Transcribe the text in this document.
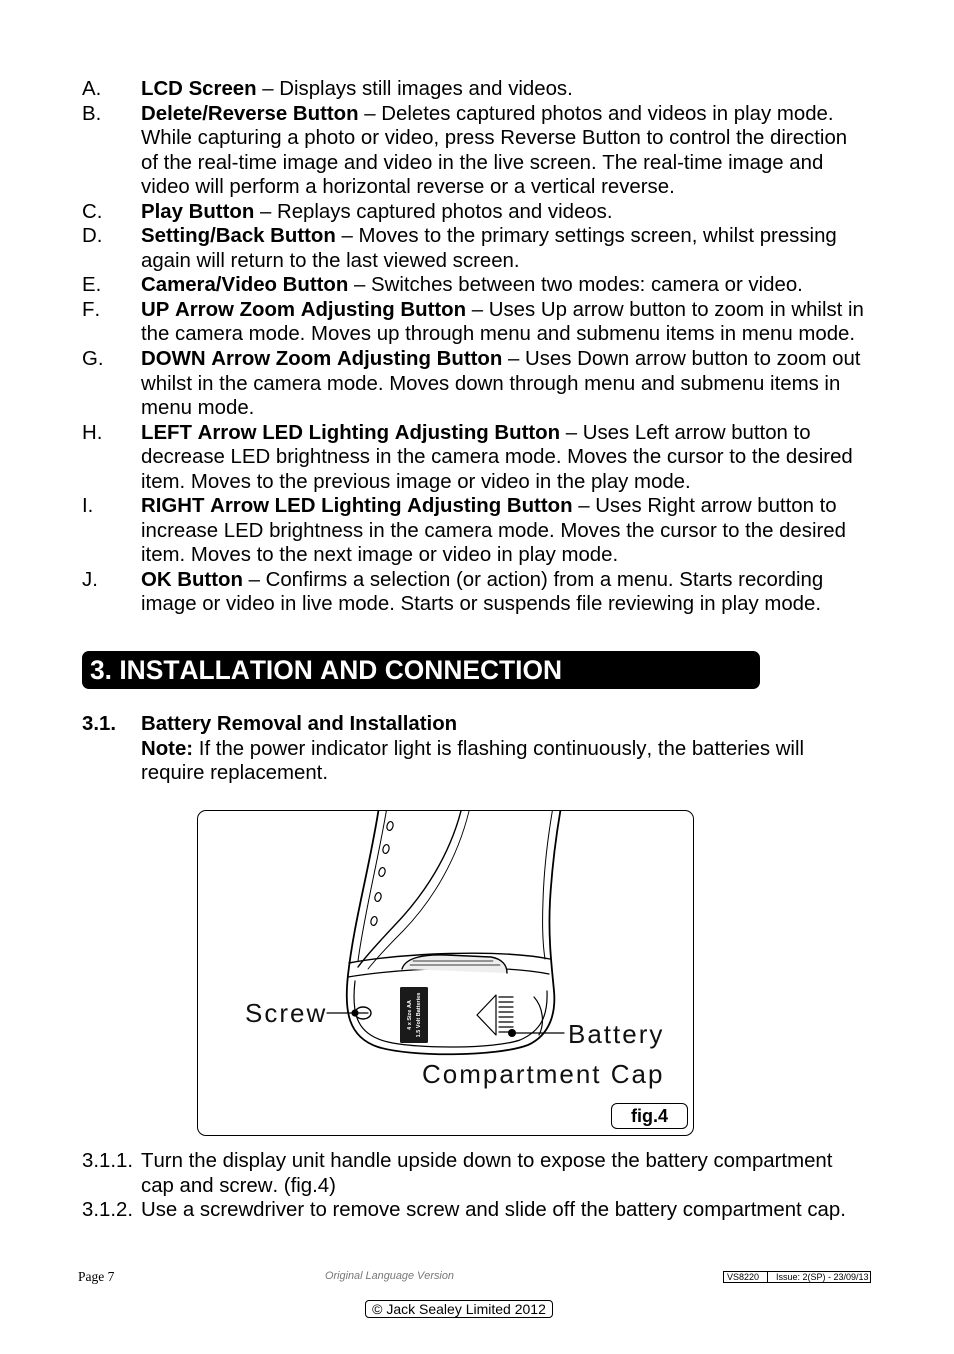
A. LCD Screen – Displays still images and videos.
B. Delete/Reverse Button – Deletes captured photos and videos in play mode. While capturing a photo or video, press Reverse Button to control the direction of the real-time image and video in the live screen. The real-time image and video will perform a horizontal reverse or a vertical reverse.
C. Play Button – Replays captured photos and videos.
D. Setting/Back Button – Moves to the primary settings screen, whilst pressing again will return to the last viewed screen.
E. Camera/Video Button – Switches between two modes: camera or video.
F. UP Arrow Zoom Adjusting Button – Uses Up arrow button to zoom in whilst in the camera mode. Moves up through menu and submenu items in menu mode.
G. DOWN Arrow Zoom Adjusting Button – Uses Down arrow button to zoom out whilst in the camera mode. Moves down through menu and submenu items in menu mode.
H. LEFT Arrow LED Lighting Adjusting Button – Uses Left arrow button to decrease LED brightness in the camera mode. Moves the cursor to the desired item. Moves to the previous image or video in the play mode.
I. RIGHT Arrow LED Lighting Adjusting Button – Uses Right arrow button to increase LED brightness in the camera mode. Moves the cursor to the desired item. Moves to the next image or video in play mode.
J. OK Button – Confirms a selection (or action) from a menu. Starts recording image or video in live mode. Starts or suspends file reviewing in play mode.
3. INSTALLATION AND CONNECTION
3.1. Battery Removal and Installation
Note: If the power indicator light is flashing continuously, the batteries will require replacement.
4 x Size AA 1.5 Volt Batteries
Screw
Battery
Compartment Cap
fig.4
3.1.1. Turn the display unit handle upside down to expose the battery compartment cap and screw. (fig.4)
3.1.2. Use a screwdriver to remove screw and slide off the battery compartment cap.
Page 7	Original Language Version	VS8220	Issue: 2(SP) - 23/09/13
© Jack Sealey Limited 2012
